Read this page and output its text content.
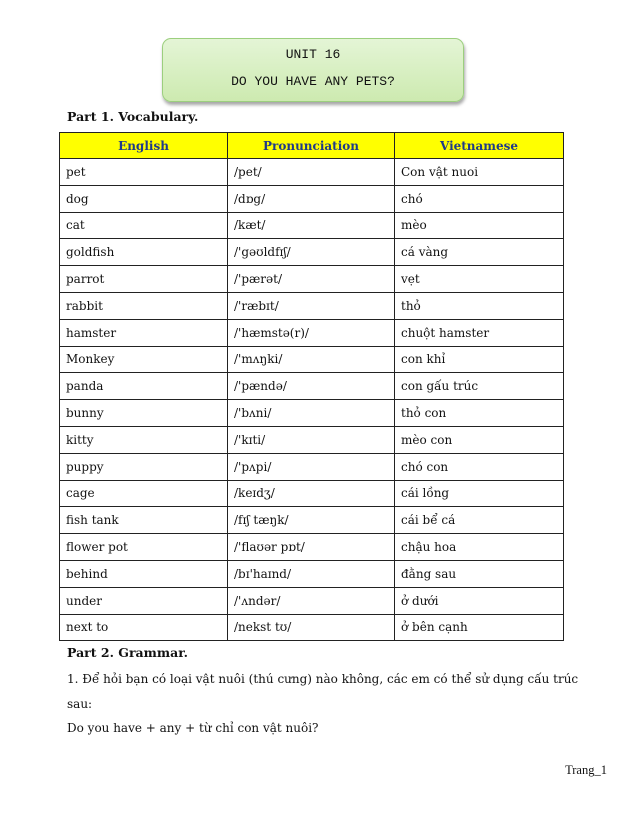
UNIT 16
DO YOU HAVE ANY PETS?
Part 1. Vocabulary.
English	Pronunciation	Vietnamese
pet	/pet/	Con vật nuoi
dog	/dɒg/	chó
cat	/kæt/	mèo
goldfish	/'gəʊldfɪʃ/	cá vàng
parrot	/'pærət/	vẹt
rabbit	/'ræbɪt/	thỏ
hamster	/'hæmstə(r)/	chuột hamster
Monkey	/'mʌŋki/	con khỉ
panda	/'pændə/	con gấu trúc
bunny	/'bʌni/	thỏ con
kitty	/'kɪti/	mèo con
puppy	/'pʌpi/	chó con
cage	/keɪdʒ/	cái lồng
fish tank	/fɪʃ tæŋk/	cái bể cá
flower pot	/'flaʊər pɒt/	chậu hoa
behind	/bɪ'haɪnd/	đằng sau
under	/'ʌndər/	ở dưới
next to	/nekst tʊ/	ở bên cạnh
Part 2. Grammar.
1. Để hỏi bạn có loại vật nuôi (thú cưng) nào không, các em có thể sử dụng cấu trúc
sau:
Do you have + any + từ chỉ con vật nuôi?
Trang_1
